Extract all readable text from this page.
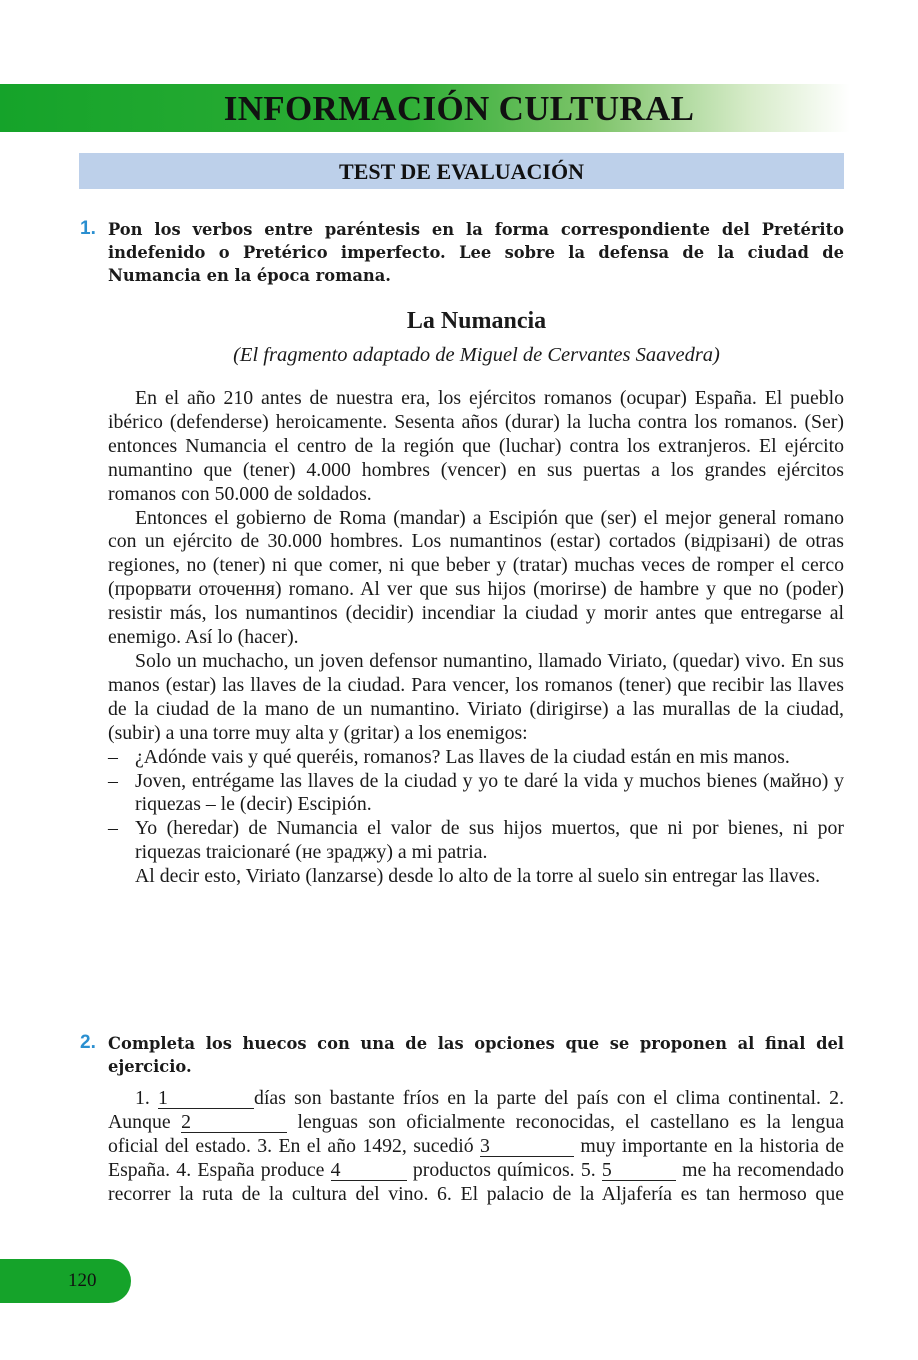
INFORMACIÓN CULTURAL
TEST DE EVALUACIÓN
1. Pon los verbos entre paréntesis en la forma correspondiente del Pretérito indefenido o Pretérico imperfecto. Lee sobre la defensa de la ciudad de Numancia en la época romana.

La Numancia
(El fragmento adaptado de Miguel de Cervantes Saavedra)

En el año 210 antes de nuestra era, los ejércitos romanos (ocupar) España. El pueblo ibérico (defenderse) heroicamente. Sesenta años (durar) la lucha contra los romanos. (Ser) entonces Numancia el centro de la región que (luchar) contra los extranjeros. El ejército numantino que (tener) 4.000 hombres (vencer) en sus puertas a los grandes ejércitos romanos con 50.000 de soldados.

Entonces el gobierno de Roma (mandar) a Escipión que (ser) el mejor general romano con un ejército de 30.000 hombres. Los numantinos (estar) cortados (відрізані) de otras regiones, no (tener) ni que comer, ni que beber y (tratar) muchas veces de romper el cerco (прорвати оточення) romano. Al ver que sus hijos (morirse) de hambre y que no (poder) resistir más, los numantinos (decidir) incendiar la ciudad y morir antes que entregarse al enemigo. Así lo (hacer).

Solo un muchacho, un joven defensor numantino, llamado Viriato, (quedar) vivo. En sus manos (estar) las llaves de la ciudad. Para vencer, los romanos (tener) que recibir las llaves de la ciudad de la mano de un numantino. Viriato (dirigirse) a las murallas de la ciudad, (subir) a una torre muy alta y (gritar) a los enemigos:

– ¿Adónde vais y qué queréis, romanos? Las llaves de la ciudad están en mis manos.

– Joven, entrégame las llaves de la ciudad y yo te daré la vida y muchos bienes (майно) y riquezas – le (decir) Escipión.

– Yo (heredar) de Numancia el valor de sus hijos muertos, que ni por bienes, ni por riquezas traicionaré (не зраджу) a mi patria.

Al decir esto, Viriato (lanzarse) desde lo alto de la torre al suelo sin entregar las llaves.

2. Completa los huecos con una de las opciones que se proponen al final del ejercicio.

1. 1	días son bastante fríos en la parte del país con el clima continental. 2. Aunque 2	lenguas son oficialmente reconocidas, el castellano es la lengua oficial del estado. 3. En el año 1492, sucedió 3	muy importante en la historia de España. 4. España produce 4	productos químicos. 5. 5	me ha recomendado recorrer la ruta de la cultura del vino. 6. El palacio de la Aljafería es tan hermoso que

120
